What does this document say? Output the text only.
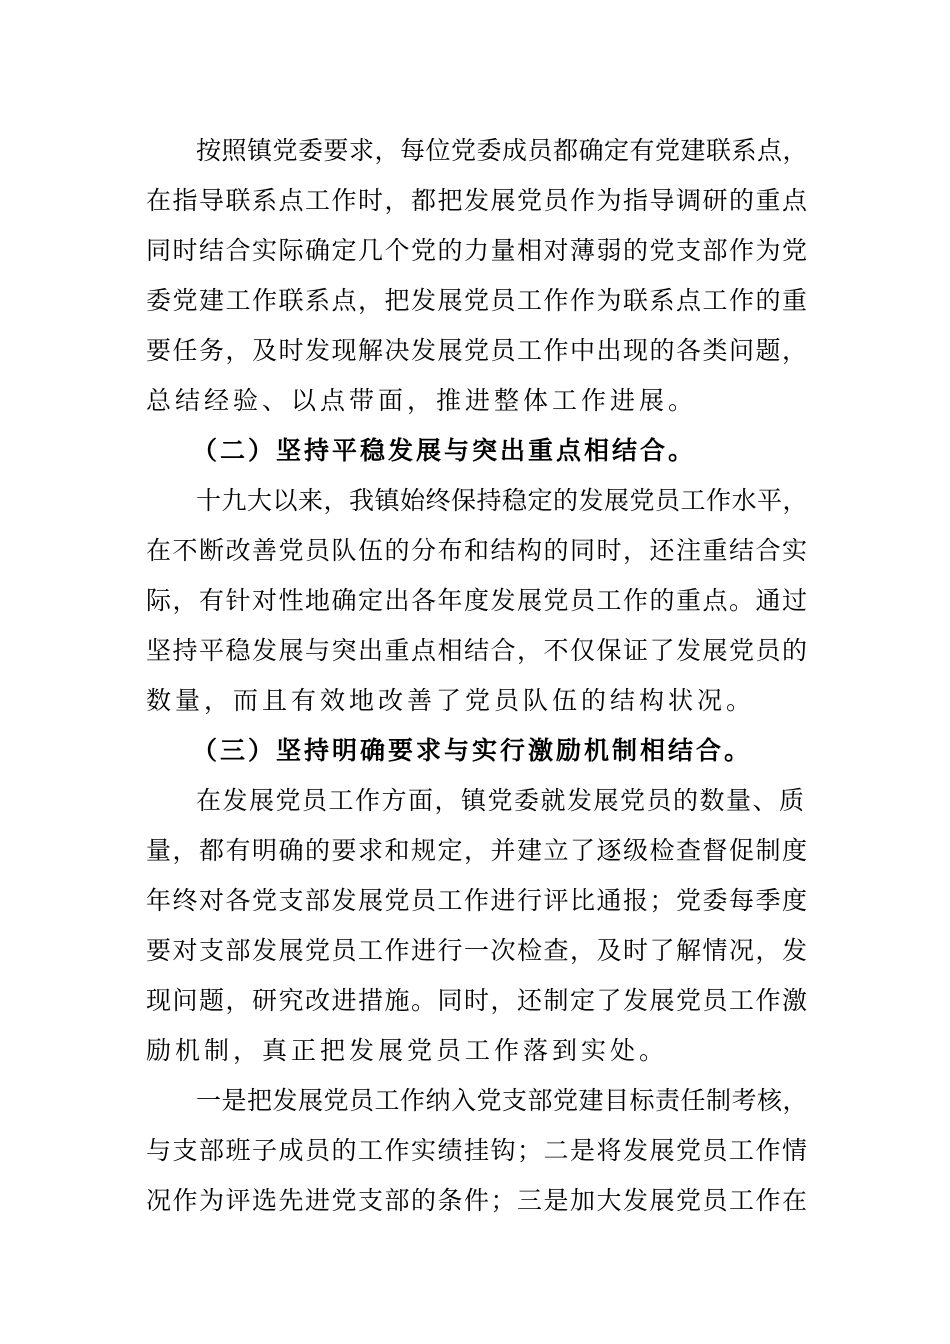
按照镇党委要求，每位党委成员都确定有党建联系点，

在指导联系点工作时，都把发展党员作为指导调研的重点

同时结合实际确定几个党的力量相对薄弱的党支部作为党

委党建工作联系点，把发展党员工作作为联系点工作的重

要任务，及时发现解决发展党员工作中出现的各类问题，

总结经验、以点带面，推进整体工作进展。

（二）坚持平稳发展与突出重点相结合。

十九大以来，我镇始终保持稳定的发展党员工作水平，

在不断改善党员队伍的分布和结构的同时，还注重结合实

际，有针对性地确定出各年度发展党员工作的重点。通过

坚持平稳发展与突出重点相结合，不仅保证了发展党员的

数量，而且有效地改善了党员队伍的结构状况。

（三）坚持明确要求与实行激励机制相结合。

在发展党员工作方面，镇党委就发展党员的数量、质

量，都有明确的要求和规定，并建立了逐级检查督促制度

年终对各党支部发展党员工作进行评比通报；党委每季度

要对支部发展党员工作进行一次检查，及时了解情况，发

现问题，研究改进措施。同时，还制定了发展党员工作激

励机制，真正把发展党员工作落到实处。

一是把发展党员工作纳入党支部党建目标责任制考核，

与支部班子成员的工作实绩挂钩；二是将发展党员工作情

况作为评选先进党支部的条件；三是加大发展党员工作在
